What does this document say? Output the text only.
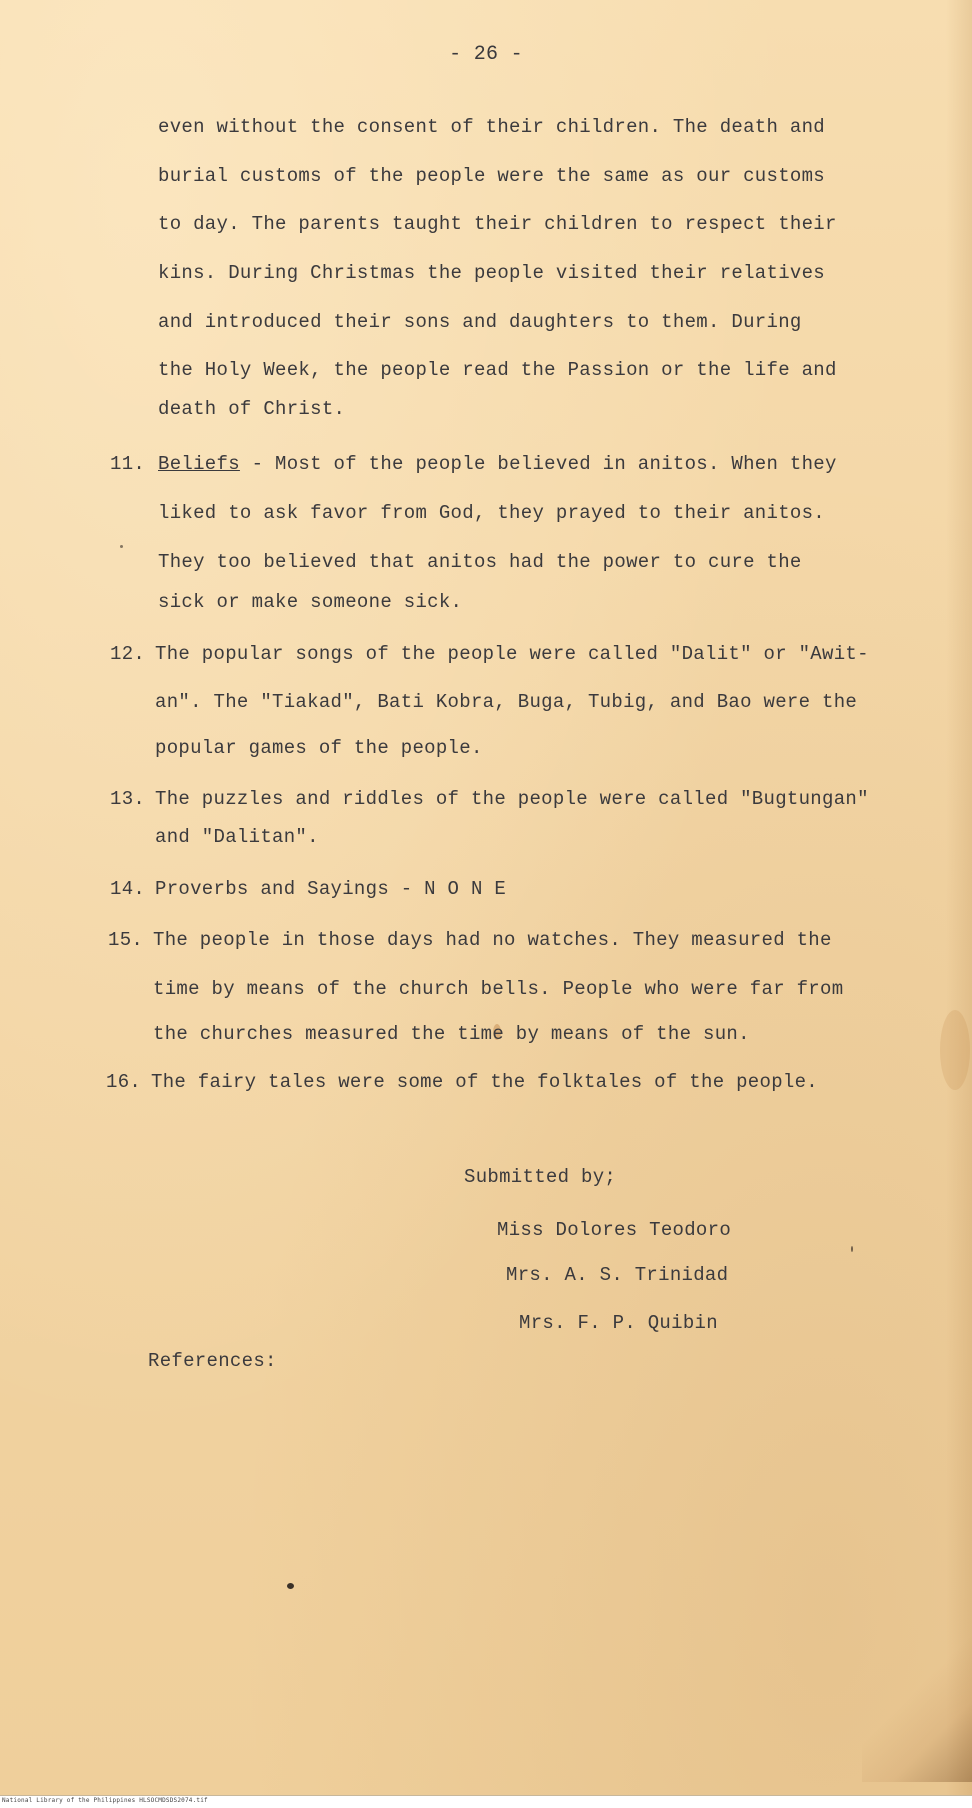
- 26 -
even without the consent of their children. The death and
burial customs of the people were the same as our customs
to day. The parents taught their children to respect their
kins. During Christmas the people visited their relatives
and introduced their sons and daughters to them. During
the Holy Week, the people read the Passion or the life and
death of Christ.
11. Beliefs - Most of the people believed in anitos. When they
liked to ask favor from God, they prayed to their anitos.
They too believed that anitos had the power to cure the
sick or make someone sick.
12. The popular songs of the people were called "Dalit" or "Awit-
an". The "Tiakad", Bati Kobra, Buga, Tubig, and Bao were the
popular games of the people.
13. The puzzles and riddles of the people were called "Bugtungan"
and "Dalitan".
14. Proverbs and Sayings - N O N E
15. The people in those days had no watches. They measured the
time by means of the church bells. People who were far from
the churches measured the time by means of the sun.
16. The fairy tales were some of the folktales of the people.
Submitted by;
Miss Dolores Teodoro
Mrs. A. S. Trinidad
Mrs. F. P. Quibin
References:
National Library of the Philippines HLSOCMDSDS2074.tif
